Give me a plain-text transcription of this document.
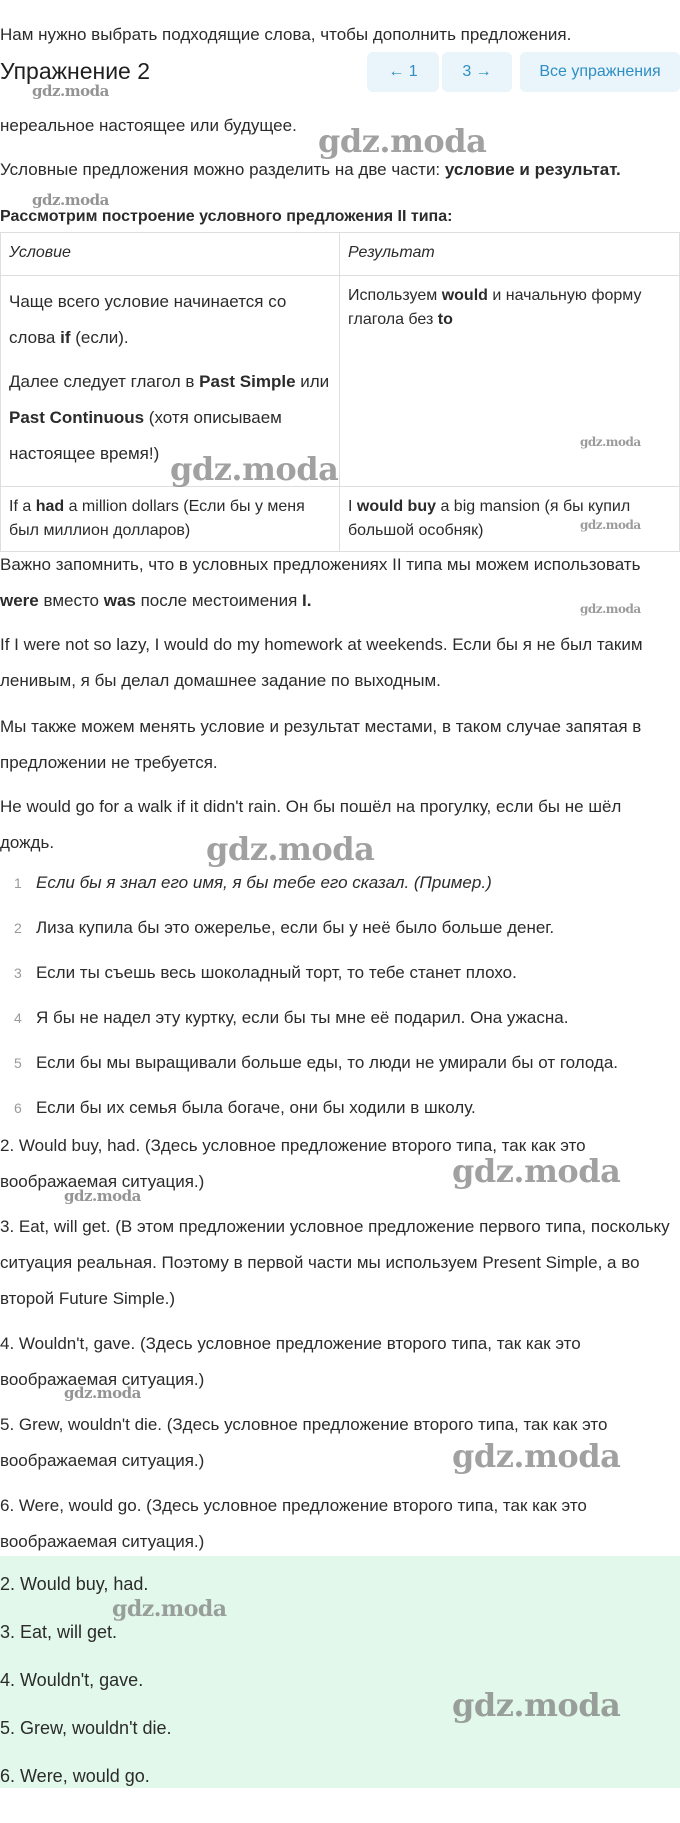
Нам нужно выбрать подходящие слова, чтобы дополнить предложения.

Упражнение 2	← 1	3 →	Все упражнения
gdz.moda

нереальное настоящее или будущее. gdz.moda

Условные предложения можно разделить на две части: условие и результат.

gdz.moda

Рассмотрим построение условного предложения II типа:

Условие	Результат

Чаще всего условие начинается со слова if (если).

Далее следует глагол в Past Simple или Past Continuous (хотя описываем настоящее время!)	Используем would и начальную форму глагола без to
If a had a million dollars (Если бы у меня был миллион долларов)	I would buy a big mansion (я бы купил большой особняк)
gdz.moda
gdz.moda
gdz.moda

Важно запомнить, что в условных предложениях II типа мы можем использовать were вместо was после местоимения I.	gdz.moda

If I were not so lazy, I would do my homework at weekends. Если бы я не был таким ленивым, я бы делал домашнее задание по выходным.

Мы также можем менять условие и результат местами, в таком случае запятая в предложении не требуется.

He would go for a walk if it didn't rain. Он бы пошёл на прогулку, если бы не шёл дождь.	gdz.moda
1 Если бы я знал его имя, я бы тебе его сказал. (Пример.)
2 Лиза купила бы это ожерелье, если бы у неё было больше денег.
3 Если ты съешь весь шоколадный торт, то тебе станет плохо.
4 Я бы не надел эту куртку, если бы ты мне её подарил. Она ужасна.
5 Если бы мы выращивали больше еды, то люди не умирали бы от голода.
6 Если бы их семья была богаче, они бы ходили в школу.

2. Would buy, had. (Здесь условное предложение второго типа, так как это воображаемая ситуация.)	gdz.moda
gdz.moda

3. Eat, will get. (В этом предложении условное предложение первого типа, поскольку ситуация реальная. Поэтому в первой части мы используем Present Simple, а во второй Future Simple.)

4. Wouldn't, gave. (Здесь условное предложение второго типа, так как это воображаемая ситуация.)

gdz.moda

5. Grew, wouldn't die. (Здесь условное предложение второго типа, так как это воображаемая ситуация.)	gdz.moda

6. Were, would go. (Здесь условное предложение второго типа, так как это воображаемая ситуация.)

2. Would buy, had.

gdz.moda

3. Eat, will get.

4. Wouldn't, gave.

5. Grew, wouldn't die.

gdz.moda

6. Were, would go.
